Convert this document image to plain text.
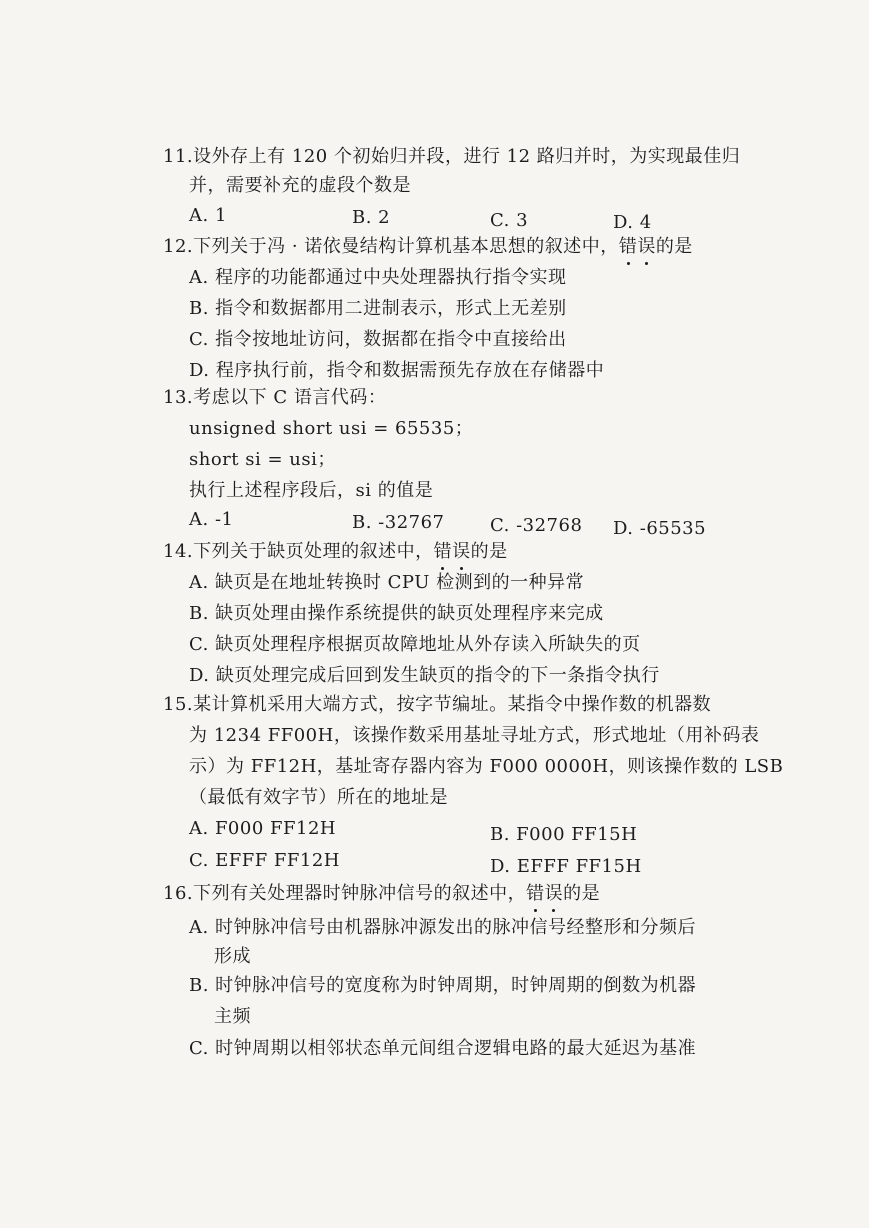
11.设外存上有 120 个初始归并段，进行 12 路归并时，为实现最佳归
并，需要补充的虚段个数是
A. 1	B. 2	C. 3	D. 4
12.下列关于冯 · 诺依曼结构计算机基本思想的叙述中，错误的是
A. 程序的功能都通过中央处理器执行指令实现
B. 指令和数据都用二进制表示，形式上无差别
C. 指令按地址访问，数据都在指令中直接给出
D. 程序执行前，指令和数据需预先存放在存储器中
13.考虑以下 C 语言代码：
unsigned short usi = 65535；
short si = usi；
执行上述程序段后，si 的值是
A. -1	B. -32767	C. -32768 D. -65535
14.下列关于缺页处理的叙述中，错误的是
A. 缺页是在地址转换时 CPU 检测到的一种异常
B. 缺页处理由操作系统提供的缺页处理程序来完成
C. 缺页处理程序根据页故障地址从外存读入所缺失的页
D. 缺页处理完成后回到发生缺页的指令的下一条指令执行
15.某计算机采用大端方式，按字节编址。某指令中操作数的机器数
为 1234 FF00H，该操作数采用基址寻址方式，形式地址（用补码表
示）为 FF12H，基址寄存器内容为 F000 0000H，则该操作数的 LSB
（最低有效字节）所在的地址是
A. F000 FF12H	B. F000 FF15H
C. EFFF FF12H	D. EFFF FF15H
16.下列有关处理器时钟脉冲信号的叙述中，错误的是
A. 时钟脉冲信号由机器脉冲源发出的脉冲信号经整形和分频后
形成
B. 时钟脉冲信号的宽度称为时钟周期，时钟周期的倒数为机器
主频
C. 时钟周期以相邻状态单元间组合逻辑电路的最大延迟为基准
